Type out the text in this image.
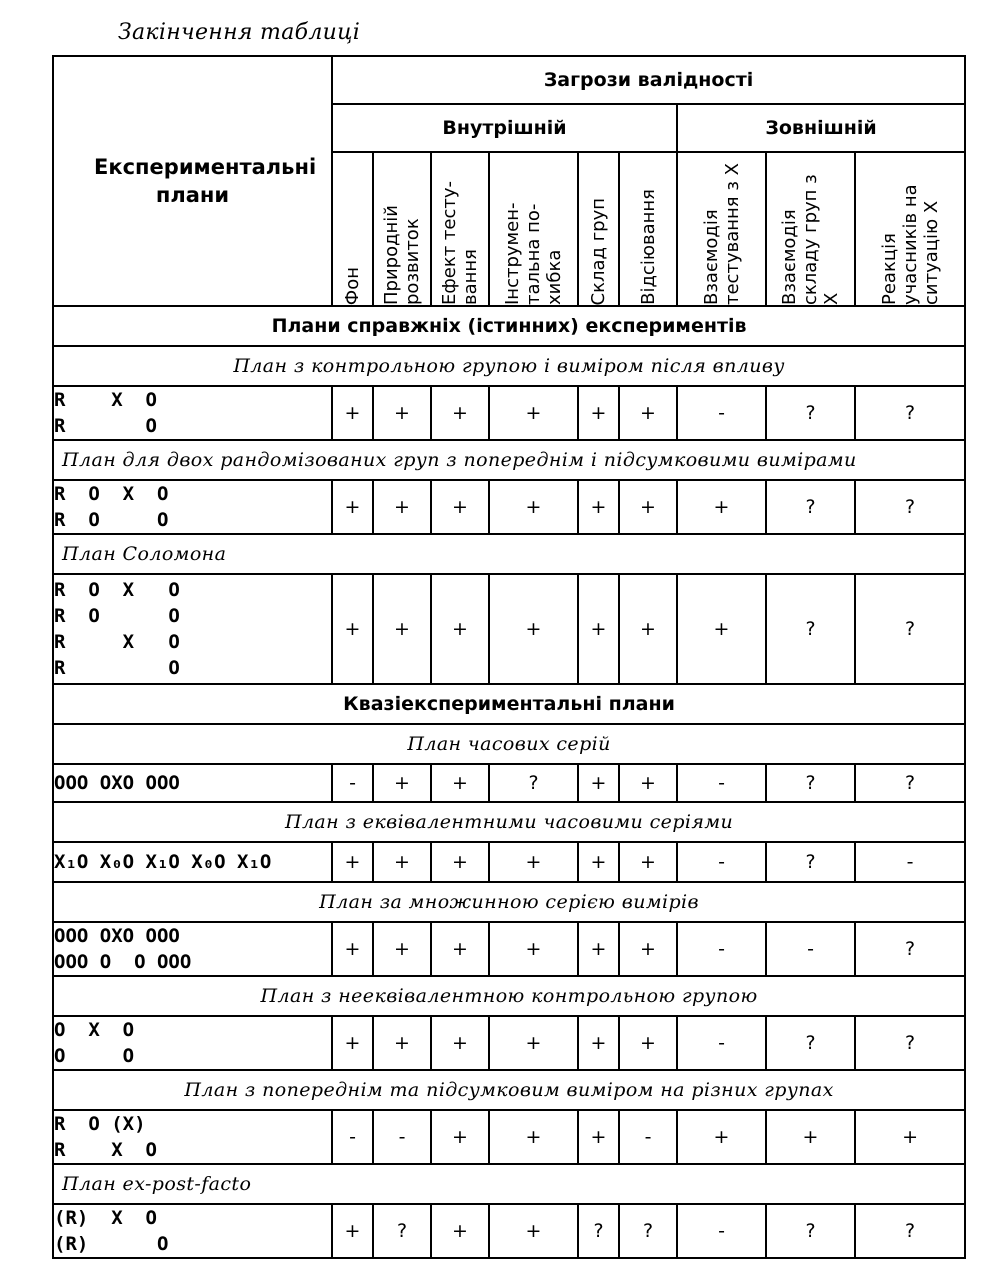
Закінчення таблиці
Експериментальні плани	Загрози валідності								
	Внутрішній						Зовнішній		

	Фон	Природній розвиток	Ефект тесту-вання	Інструмен-тальна по-хибка	Склад груп	Відсіювання	Взаємодія тестування з Х	Взаємодія складу груп з Х	Реакція учасників на ситуацію Х

Плани справжніх (істинних) експериментів									
План з контрольною групою і виміром після впливу									
R    X  O
R       O	+	+	+	+	+	+	-	?	?
План для двох рандомізованих груп з попереднім і підсумковими вимірами									
R  O  X  O
R  O     O	+	+	+	+	+	+	+	?	?
План Соломона									
R  O  X   O
R  O      O
R     X   O
R         O	+	+	+	+	+	+	+	?	?
Квазіекспериментальні плани									
План часових серій									
OOO OXO OOO	-	+	+	?	+	+	-	?	?
План з еквівалентними часовими серіями									
X₁O X₀O X₁O X₀O X₁O	+	+	+	+	+	+	-	?	-
План за множинною серією вимірів									
OOO OXO OOO
OOO O  O OOO	+	+	+	+	+	+	-	-	?
План з нееквівалентною контрольною групою									
O  X  O
O     O	+	+	+	+	+	+	-	?	?
План з попереднім та підсумковим виміром на різних групах									
R  O (X)
R    X  O	-	-	+	+	+	-	+	+	+
План ex-post-facto									
(R)  X  O
(R)      O	+	?	+	+	?	?	-	?	?
